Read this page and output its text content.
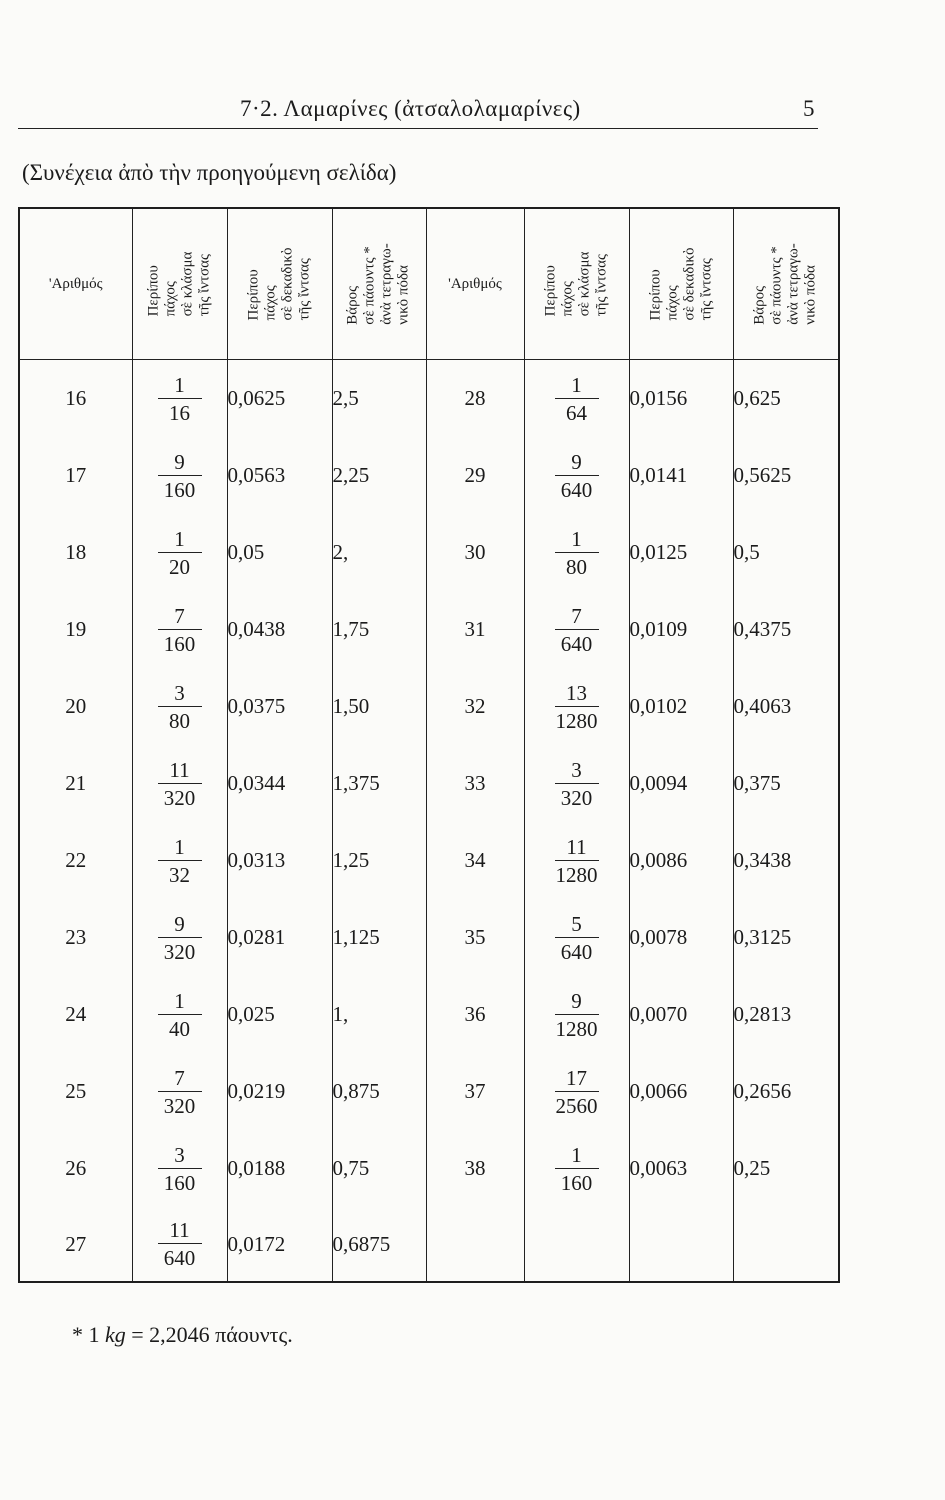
7·2. Λαμαρίνες (ἀτσαλολαμαρίνες)	5
(Συνέχεια ἀπὸ τὴν προηγούμενη σελίδα)
'Αριθμός	Περίπου πάχος σὲ κλάσμα τῆς ἴντσας	Περίπου πάχος σὲ δεκαδικὸ τῆς ἴντσας	Βάρος σὲ πάουντς * ἀνὰ τετραγω- νικὸ πόδα	'Αριθμός	Περίπου πάχος σὲ κλάσμα τῆς ἴντσας	Περίπου πάχος σὲ δεκαδικὸ τῆς ἴντσας	Βάρος σὲ πάουντς * ἀνὰ τετραγω- νικὸ πόδα

16	$\frac{1}{16}$	0,0625	2,5	28	$\frac{1}{64}$	0,0156	0,625
17	$\frac{9}{160}$	0,0563	2,25	29	$\frac{9}{640}$	0,0141	0,5625
18	$\frac{1}{20}$	0,05	2,	30	$\frac{1}{80}$	0,0125	0,5
19	$\frac{7}{160}$	0,0438	1,75	31	$\frac{7}{640}$	0,0109	0,4375
20	$\frac{3}{80}$	0,0375	1,50	32	$\frac{13}{1280}$	0,0102	0,4063
21	$\frac{11}{320}$	0,0344	1,375	33	$\frac{3}{320}$	0,0094	0,375
22	$\frac{1}{32}$	0,0313	1,25	34	$\frac{11}{1280}$	0,0086	0,3438
23	$\frac{9}{320}$	0,0281	1,125	35	$\frac{5}{640}$	0,0078	0,3125
24	$\frac{1}{40}$	0,025	1,	36	$\frac{9}{1280}$	0,0070	0,2813
25	$\frac{7}{320}$	0,0219	0,875	37	$\frac{17}{2560}$	0,0066	0,2656
26	$\frac{3}{160}$	0,0188	0,75	38	$\frac{1}{160}$	0,0063	0,25
27	$\frac{11}{640}$	0,0172	0,6875				
* 1 kg = 2,2046 πάουντς.
